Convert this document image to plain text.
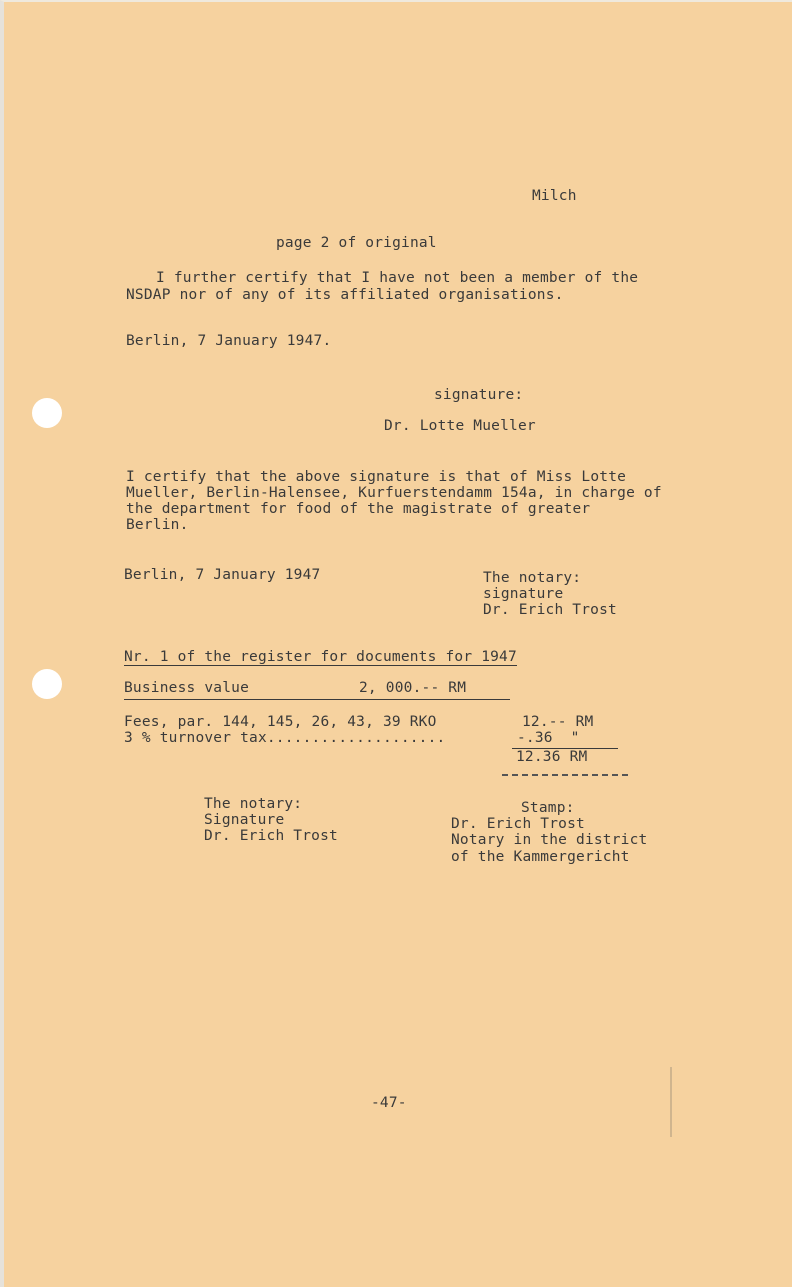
Milch
page 2 of original
I further certify that I have not been a member of the
NSDAP nor of any of its affiliated organisations.
Berlin, 7 January 1947.
signature:
Dr. Lotte Mueller
I certify that the above signature is that of Miss Lotte
Mueller, Berlin-Halensee, Kurfuerstendamm 154a, in charge of
the department for food of the magistrate of greater
Berlin.
Berlin, 7 January 1947	The notary:
signature
Dr. Erich Trost
Nr. 1 of the register for documents for 1947
Business value	2, 000.-- RM
Fees, par. 144, 145, 26, 43, 39 RKO	12.-- RM
3 % turnover tax....................	-.36  "
12.36 RM
The notary:
Signature
Dr. Erich Trost
Stamp:
Dr. Erich Trost
Notary in the district
of the Kammergericht
-47-
